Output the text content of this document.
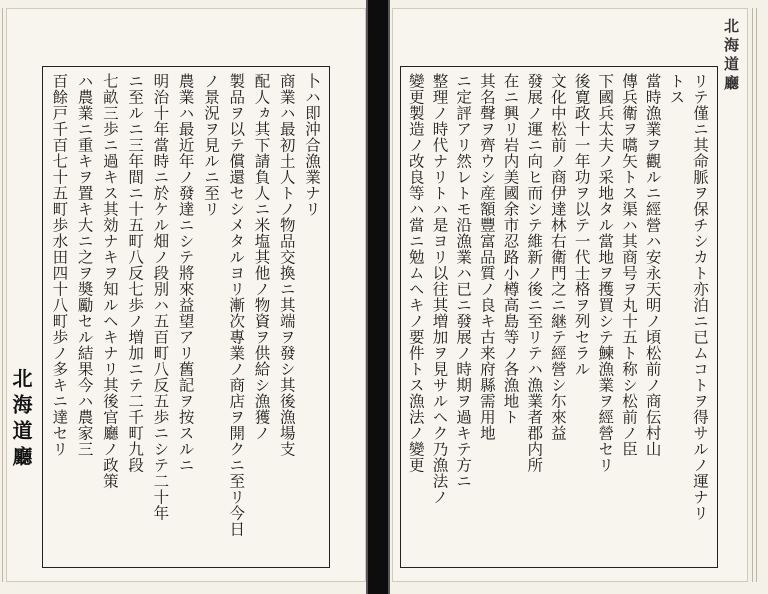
北海道廳
卜ハ即沖合漁業ナリ
商業ハ最初土人トノ物品交換ニ其端ヲ發シ其後漁場支
配人ヵ其下請負人ニ米塩其他ノ物資ヲ供給シ漁獲ノ
製品ヲ以テ償還セシメタルヨリ漸次專業ノ商店ヲ開クニ至リ今日
ノ景況ヲ見ルニ至リ
農業ハ最近年ノ發達ニシテ將來益望アリ舊記ヲ按スルニ
明治十年當時ニ於ケル畑ノ段別ハ五百町八反五歩ニシテ二十年
ニ至ルニ三年間ニ十五町八反七歩ノ増加ニテ二千町九段
七畝三歩ニ過キス其効ナキヲ知ルヘキナリ其後官廳ノ政策
ハ農業ニ重キヲ置キ大ニ之ヲ奬勵セル結果今ハ農家三
百餘戸千百七十五町歩水田四十八町歩ノ多キニ達セリ
北海道廳
リテ僅ニ其命脈ヲ保チシカト亦泊ニ已ムコトヲ得サルノ運ナリ
トス
當時漁業ヲ觀ルニ經營ハ安永天明ノ頃松前ノ商伝村山
傳兵衛ヲ嚆矢トス渠ハ其商号ヲ丸十五ト称シ松前ノ臣
下國兵太夫ノ采地タル當地ヲ擭買シテ鰊漁業ヲ經營セリ
後寛政十一年功ヲ以テ一代士格ヲ列セラル
文化中松前ノ商伊達林右衛門之ニ継テ經營シ尓來益
發展ノ運ニ向ヒ而シテ維新ノ後ニ至リテハ漁業者郡内所
在ニ興リ岩内美國余市忍路小樽高島等ノ各漁地ト
其名聲ヲ齊ウシ産額豐富品質ノ良キ古来府縣需用地
ニ定評アリ然レトモ沿漁業ハ已ニ發展ノ時期ヲ過キテ方ニ
整理ノ時代ナリトハ是ヨリ以往其増加ヲ見サルヘク乃漁法ノ
變更製造ノ改良等ハ當ニ勉ムヘキノ要件トス漁法ノ變更
